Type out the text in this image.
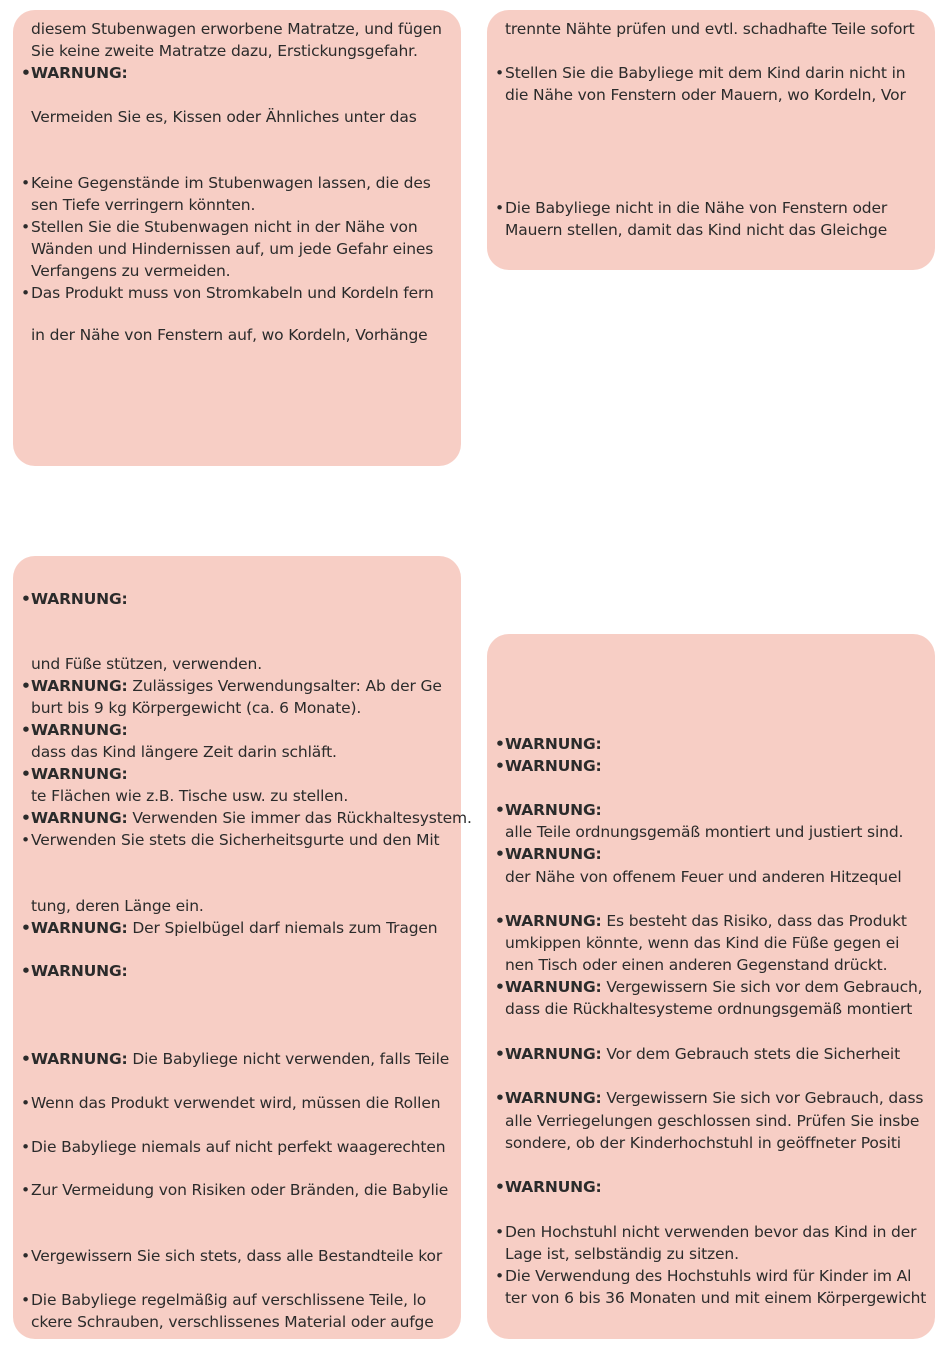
diesem Stubenwagen erworbene Matratze, und fügen
Sie keine zweite Matratze dazu, Erstickungsgefahr.
• WARNUNG:
Vermeiden Sie es, Kissen oder Ähnliches unter das
• Keine Gegenstände im Stubenwagen lassen, die des
sen Tiefe verringern könnten.
• Stellen Sie die Stubenwagen nicht in der Nähe von
Wänden und Hindernissen auf, um jede Gefahr eines
Verfangens zu vermeiden.
• Das Produkt muss von Stromkabeln und Kordeln fern
in der Nähe von Fenstern auf, wo Kordeln, Vorhänge
trennte Nähte prüfen und evtl. schadhafte Teile sofort
• Stellen Sie die Babyliege mit dem Kind darin nicht in
die Nähe von Fenstern oder Mauern, wo Kordeln, Vor
• Die Babyliege nicht in die Nähe von Fenstern oder
Mauern stellen, damit das Kind nicht das Gleichge
• WARNUNG:
und Füße stützen, verwenden.
• WARNUNG: Zulässiges Verwendungsalter: Ab der Ge
burt bis 9 kg Körpergewicht (ca. 6 Monate).
• WARNUNG:
dass das Kind längere Zeit darin schläft.
• WARNUNG:
te Flächen wie z.B. Tische usw. zu stellen.
• WARNUNG: Verwenden Sie immer das Rückhaltesystem.
• Verwenden Sie stets die Sicherheitsgurte und den Mit
tung, deren Länge ein.
• WARNUNG: Der Spielbügel darf niemals zum Tragen
• WARNUNG:
• WARNUNG: Die Babyliege nicht verwenden, falls Teile
• Wenn das Produkt verwendet wird, müssen die Rollen
• Die Babyliege niemals auf nicht perfekt waagerechten
• Zur Vermeidung von Risiken oder Bränden, die Babylie
• Vergewissern Sie sich stets, dass alle Bestandteile kor
• Die Babyliege regelmäßig auf verschlissene Teile, lo
ckere Schrauben, verschlissenes Material oder aufge
• WARNUNG:
• WARNUNG:
• WARNUNG:
alle Teile ordnungsgemäß montiert und justiert sind.
• WARNUNG:
der Nähe von offenem Feuer und anderen Hitzequel
• WARNUNG: Es besteht das Risiko, dass das Produkt
umkippen könnte, wenn das Kind die Füße gegen ei
nen Tisch oder einen anderen Gegenstand drückt.
• WARNUNG: Vergewissern Sie sich vor dem Gebrauch,
dass die Rückhaltesysteme ordnungsgemäß montiert
• WARNUNG: Vor dem Gebrauch stets die Sicherheit
• WARNUNG: Vergewissern Sie sich vor Gebrauch, dass
alle Verriegelungen geschlossen sind. Prüfen Sie insbe
sondere, ob der Kinderhochstuhl in geöffneter Positi
• WARNUNG:
• Den Hochstuhl nicht verwenden bevor das Kind in der
Lage ist, selbständig zu sitzen.
• Die Verwendung des Hochstuhls wird für Kinder im Al
ter von 6 bis 36 Monaten und mit einem Körpergewicht
